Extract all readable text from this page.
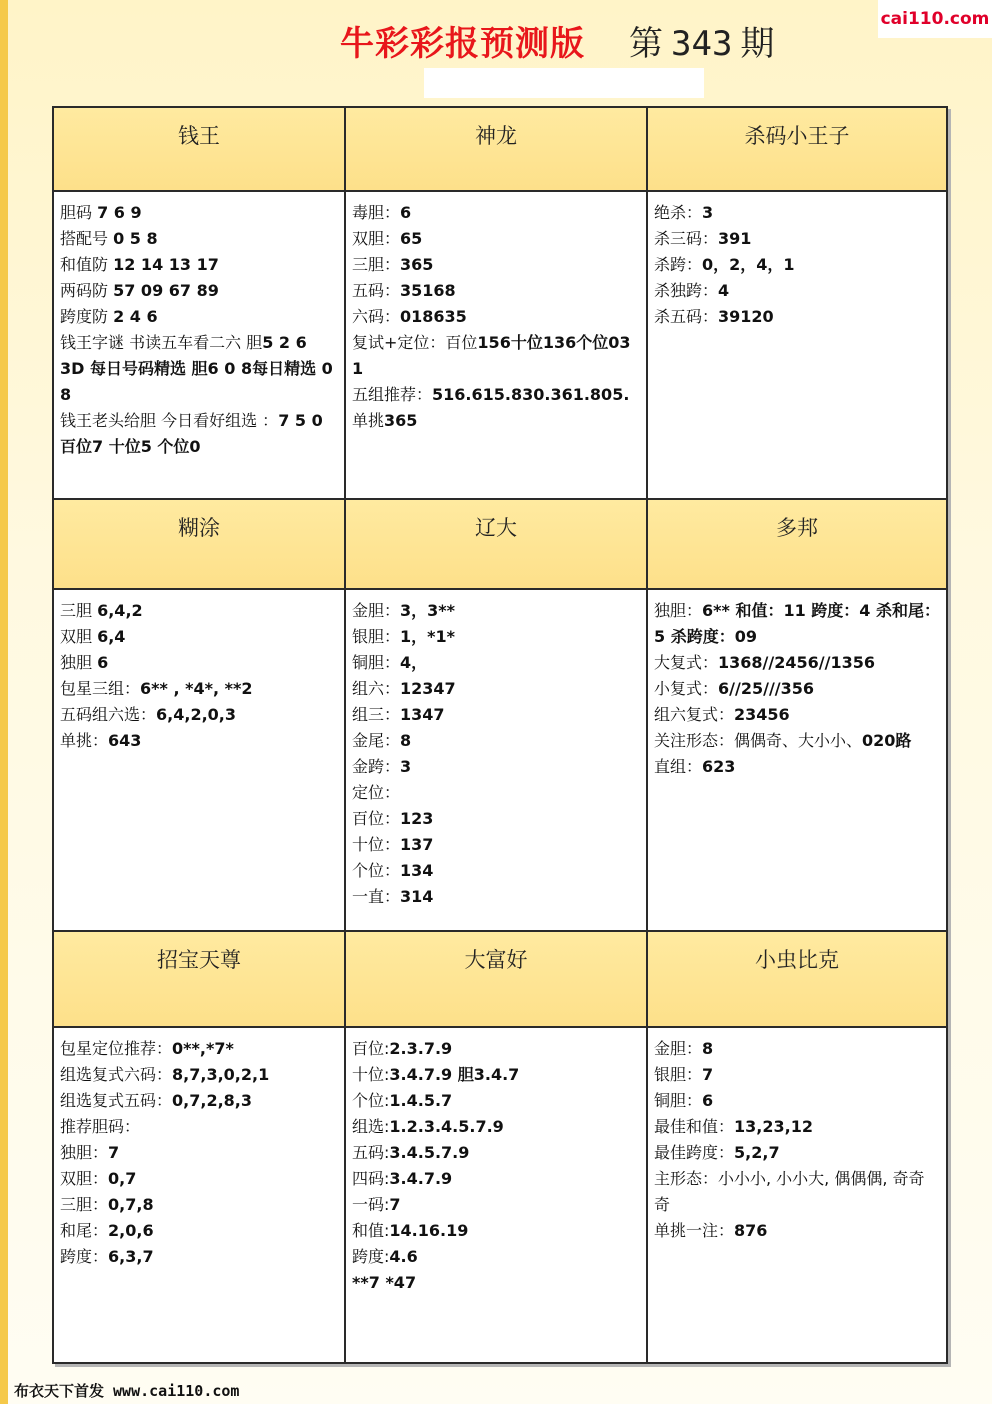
cai110.com
牛彩彩报预测版 第 343 期
钱王	神龙	杀码小王子
胆码 7 6 9
搭配号 0 5 8
和值防 12 14 13 17
两码防 57 09 67 89
跨度防 2 4 6
钱王字谜 书读五车看二六 胆5 2 6
3D 每日号码精选 胆6 0 8每日精选 0 8
钱王老头给胆 今日看好组选 ：7 5 0百位7 十位5 个位0
毒胆：6
双胆：65
三胆：365
五码：35168
六码：018635
复试+定位：百位156十位136个位031
五组推荐：516.615.830.361.805.
单挑365
绝杀：3
杀三码：391
杀跨：0，2，4，1
杀独跨：4
杀五码：39120
糊涂	辽大	多邦
三胆 6,4,2
双胆 6,4
独胆 6
包星三组：6** , *4*, **2
五码组六选：6,4,2,0,3
单挑：643
金胆：3，3**
银胆：1，*1*
铜胆：4，
组六：12347
组三：1347
金尾：8
金跨：3
定位：
百位：123
十位：137
个位：134
一直：314
独胆：6** 和值：11 跨度：4 杀和尾：5 杀跨度：09
大复式：1368//2456//1356
小复式：6//25///356
组六复式：23456
关注形态：偶偶奇、大小小、020路
直组：623
招宝天尊	大富好	小虫比克
包星定位推荐：0**,*7*
组选复式六码：8,7,3,0,2,1
组选复式五码：0,7,2,8,3
推荐胆码：
独胆：7
双胆：0,7
三胆：0,7,8
和尾：2,0,6
跨度：6,3,7
百位:2.3.7.9
十位:3.4.7.9 胆3.4.7
个位:1.4.5.7
组选:1.2.3.4.5.7.9
五码:3.4.5.7.9
四码:3.4.7.9
一码:7
和值:14.16.19
跨度:4.6
**7 *47
金胆：8
银胆：7
铜胆：6
最佳和值：13,23,12
最佳跨度：5,2,7
主形态：小小小, 小小大, 偶偶偶, 奇奇奇
单挑一注：876
布衣天下首发 www.cai110.com
